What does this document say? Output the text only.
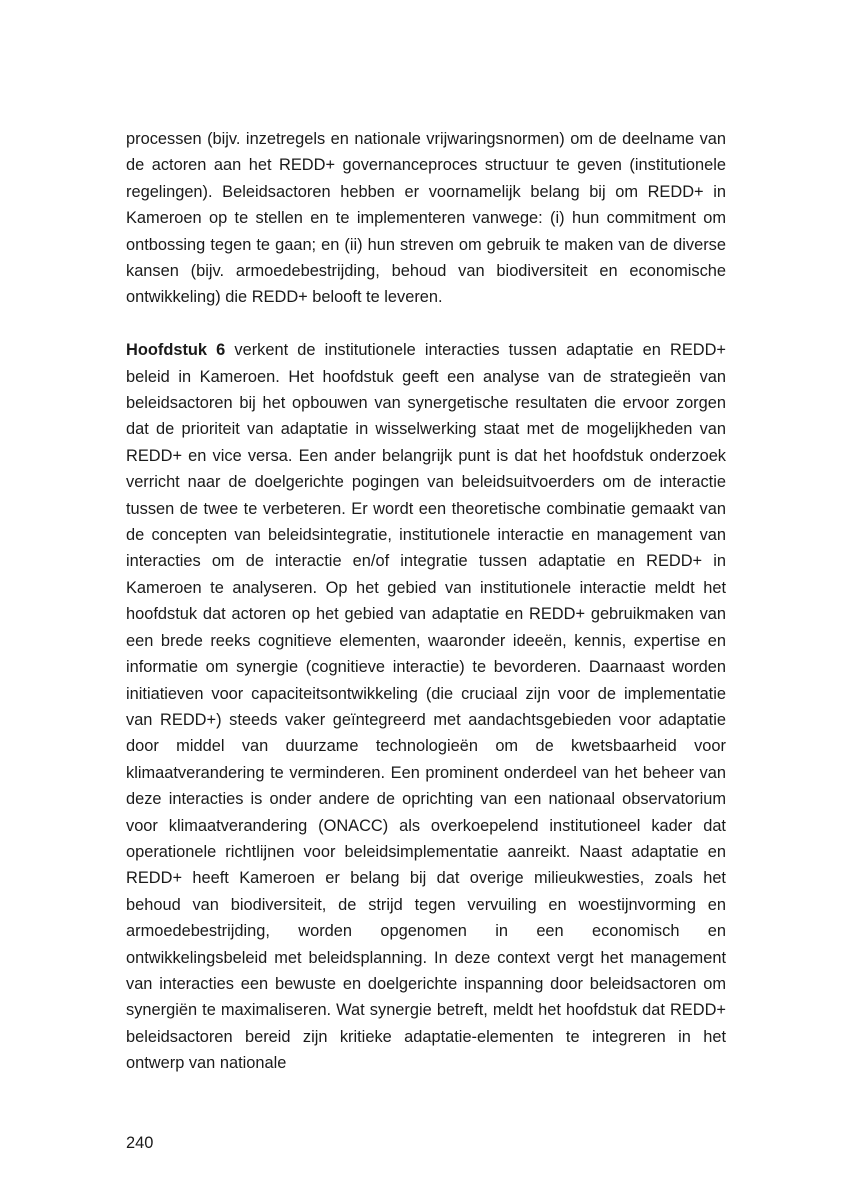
processen (bijv. inzetregels en nationale vrijwaringsnormen) om de deelname van de actoren aan het REDD+ governanceproces structuur te geven (institutionele regelingen). Beleidsactoren hebben er voornamelijk belang bij om REDD+ in Kameroen op te stellen en te implementeren vanwege: (i) hun commitment om ontbossing tegen te gaan; en (ii) hun streven om gebruik te maken van de diverse kansen (bijv. armoedebestrijding, behoud van biodiversiteit en economische ontwikkeling) die REDD+ belooft te leveren.

Hoofdstuk 6 verkent de institutionele interacties tussen adaptatie en REDD+ beleid in Kameroen. Het hoofdstuk geeft een analyse van de strategieën van beleidsactoren bij het opbouwen van synergetische resultaten die ervoor zorgen dat de prioriteit van adaptatie in wisselwerking staat met de mogelijkheden van REDD+ en vice versa. Een ander belangrijk punt is dat het hoofdstuk onderzoek verricht naar de doelgerichte pogingen van beleidsuitvoerders om de interactie tussen de twee te verbeteren. Er wordt een theoretische combinatie gemaakt van de concepten van beleidsintegratie, institutionele interactie en management van interacties om de interactie en/of integratie tussen adaptatie en REDD+ in Kameroen te analyseren. Op het gebied van institutionele interactie meldt het hoofdstuk dat actoren op het gebied van adaptatie en REDD+ gebruikmaken van een brede reeks cognitieve elementen, waaronder ideeën, kennis, expertise en informatie om synergie (cognitieve interactie) te bevorderen. Daarnaast worden initiatieven voor capaciteitsontwikkeling (die cruciaal zijn voor de implementatie van REDD+) steeds vaker geïntegreerd met aandachtsgebieden voor adaptatie door middel van duurzame technologieën om de kwetsbaarheid voor klimaatverandering te verminderen. Een prominent onderdeel van het beheer van deze interacties is onder andere de oprichting van een nationaal observatorium voor klimaatverandering (ONACC) als overkoepelend institutioneel kader dat operationele richtlijnen voor beleidsimplementatie aanreikt. Naast adaptatie en REDD+ heeft Kameroen er belang bij dat overige milieukwesties, zoals het behoud van biodiversiteit, de strijd tegen vervuiling en woestijnvorming en armoedebestrijding, worden opgenomen in een economisch en ontwikkelingsbeleid met beleidsplanning. In deze context vergt het management van interacties een bewuste en doelgerichte inspanning door beleidsactoren om synergiën te maximaliseren. Wat synergie betreft, meldt het hoofdstuk dat REDD+ beleidsactoren bereid zijn kritieke adaptatie-elementen te integreren in het ontwerp van nationale

240
